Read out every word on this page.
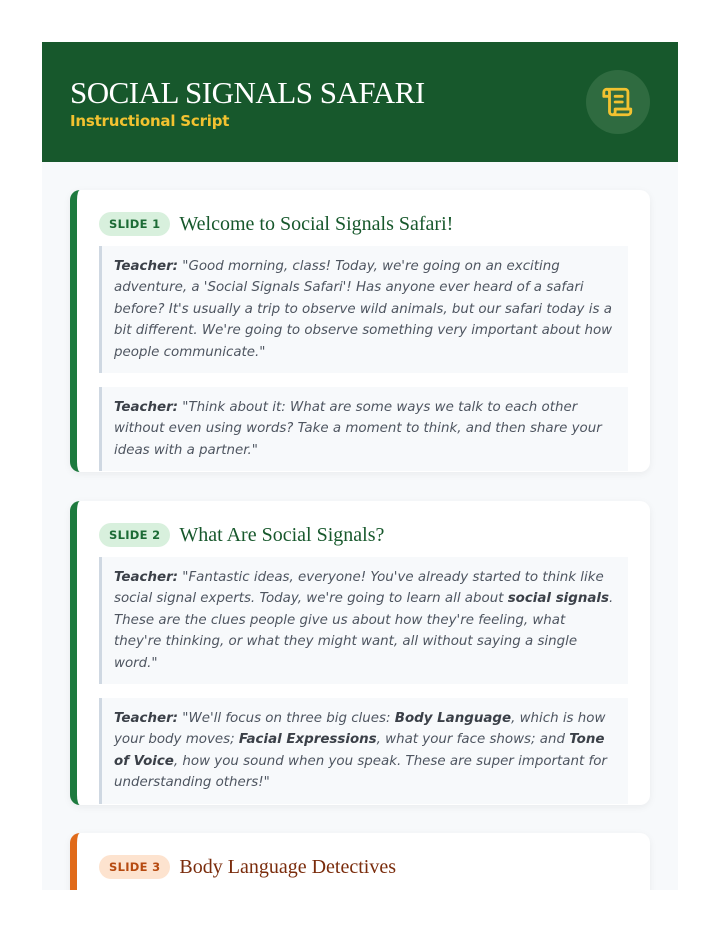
SOCIAL SIGNALS SAFARI
Instructional Script
SLIDE 1 Welcome to Social Signals Safari!
Teacher: "Good morning, class! Today, we're going on an exciting adventure, a 'Social Signals Safari'! Has anyone ever heard of a safari before? It's usually a trip to observe wild animals, but our safari today is a bit different. We're going to observe something very important about how people communicate."
Teacher: "Think about it: What are some ways we talk to each other without even using words? Take a moment to think, and then share your ideas with a partner."
SLIDE 2 What Are Social Signals?
Teacher: "Fantastic ideas, everyone! You've already started to think like social signal experts. Today, we're going to learn all about social signals. These are the clues people give us about how they're feeling, what they're thinking, or what they might want, all without saying a single word."
Teacher: "We'll focus on three big clues: Body Language, which is how your body moves; Facial Expressions, what your face shows; and Tone of Voice, how you sound when you speak. These are super important for understanding others!"
SLIDE 3 Body Language Detectives
